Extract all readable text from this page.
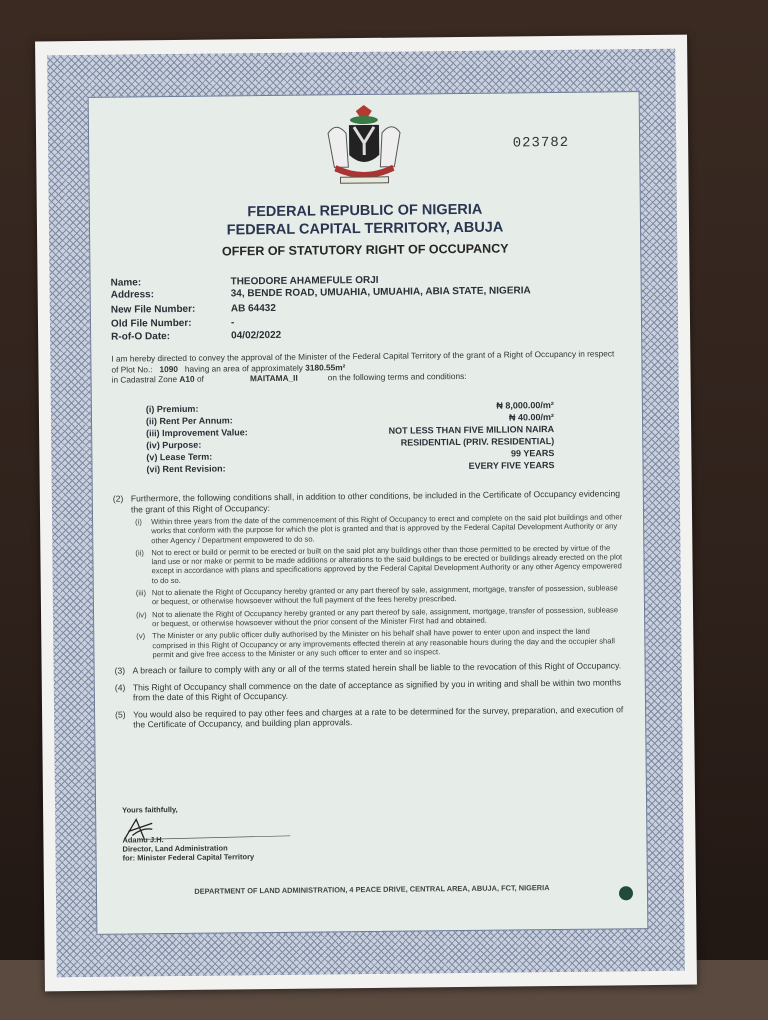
023782
FEDERAL REPUBLIC OF NIGERIA
FEDERAL CAPITAL TERRITORY, ABUJA
OFFER OF STATUTORY RIGHT OF OCCUPANCY
Name:	THEODORE AHAMEFULE ORJI
Address:	34, BENDE ROAD, UMUAHIA, UMUAHIA, ABIA STATE, NIGERIA
New File Number:	AB 64432
Old File Number:	-
R-of-O Date:	04/02/2022
I am hereby directed to convey the approval of the Minister of the Federal Capital Territory of the grant of a Right of Occupancy in respect of Plot No.: 1090 having an area of approximately 3180.55m²
in Cadastral Zone A10 of	MAITAMA_II	on the following terms and conditions:
(i) Premium:	₦ 8,000.00/m²
(ii) Rent Per Annum:	₦ 40.00/m²
(iii) Improvement Value:	NOT LESS THAN FIVE MILLION NAIRA
(iv) Purpose:	RESIDENTIAL (PRIV. RESIDENTIAL)
(v) Lease Term:	99 YEARS
(vi) Rent Revision:	EVERY FIVE YEARS
(2) Furthermore, the following conditions shall, in addition to other conditions, be included in the Certificate of Occupancy evidencing the grant of this Right of Occupancy:
(i)	Within three years from the date of the commencement of this Right of Occupancy to erect and complete on the said plot buildings and other works that conform with the purpose for which the plot is granted and that is approved by the Federal Capital Development Authority or any other Agency / Department empowered to do so.
(ii) Not to erect or build or permit to be erected or built on the said plot any buildings other than those permitted to be erected by virtue of the land use or nor make or permit to be made additions or alterations to the said buildings to be erected or buildings already erected on the plot except in accordance with plans and specifications approved by the Federal Capital Development Authority or any other Agency empowered to do so.
(iii) Not to alienate the Right of Occupancy hereby granted or any part thereof by sale, assignment, mortgage, transfer of possession, sublease or bequest, or otherwise howsoever without the full payment of the fees hereby prescribed.
(iv) Not to alienate the Right of Occupancy hereby granted or any part thereof by sale, assignment, mortgage, transfer of possession, sublease or bequest, or otherwise howsoever without the prior consent of the Minister First had and obtained.
(v) The Minister or any public officer dully authorised by the Minister on his behalf shall have power to enter upon and inspect the land comprised in this Right of Occupancy or any improvements effected therein at any reasonable hours during the day and the occupier shall permit and give free access to the Minister or any such officer to enter and so inspect.
(3) A breach or failure to comply with any or all of the terms stated herein shall be liable to the revocation of this Right of Occupancy.
(4) This Right of Occupancy shall commence on the date of acceptance as signified by you in writing and shall be within two months from the date of this Right of Occupancy.
(5) You would also be required to pay other fees and charges at a rate to be determined for the survey, preparation, and execution of the Certificate of Occupancy, and building plan approvals.
Yours faithfully,
Adamu J.H.
Director, Land Administration
for: Minister Federal Capital Territory
DEPARTMENT OF LAND ADMINISTRATION, 4 PEACE DRIVE, CENTRAL AREA, ABUJA, FCT, NIGERIA
